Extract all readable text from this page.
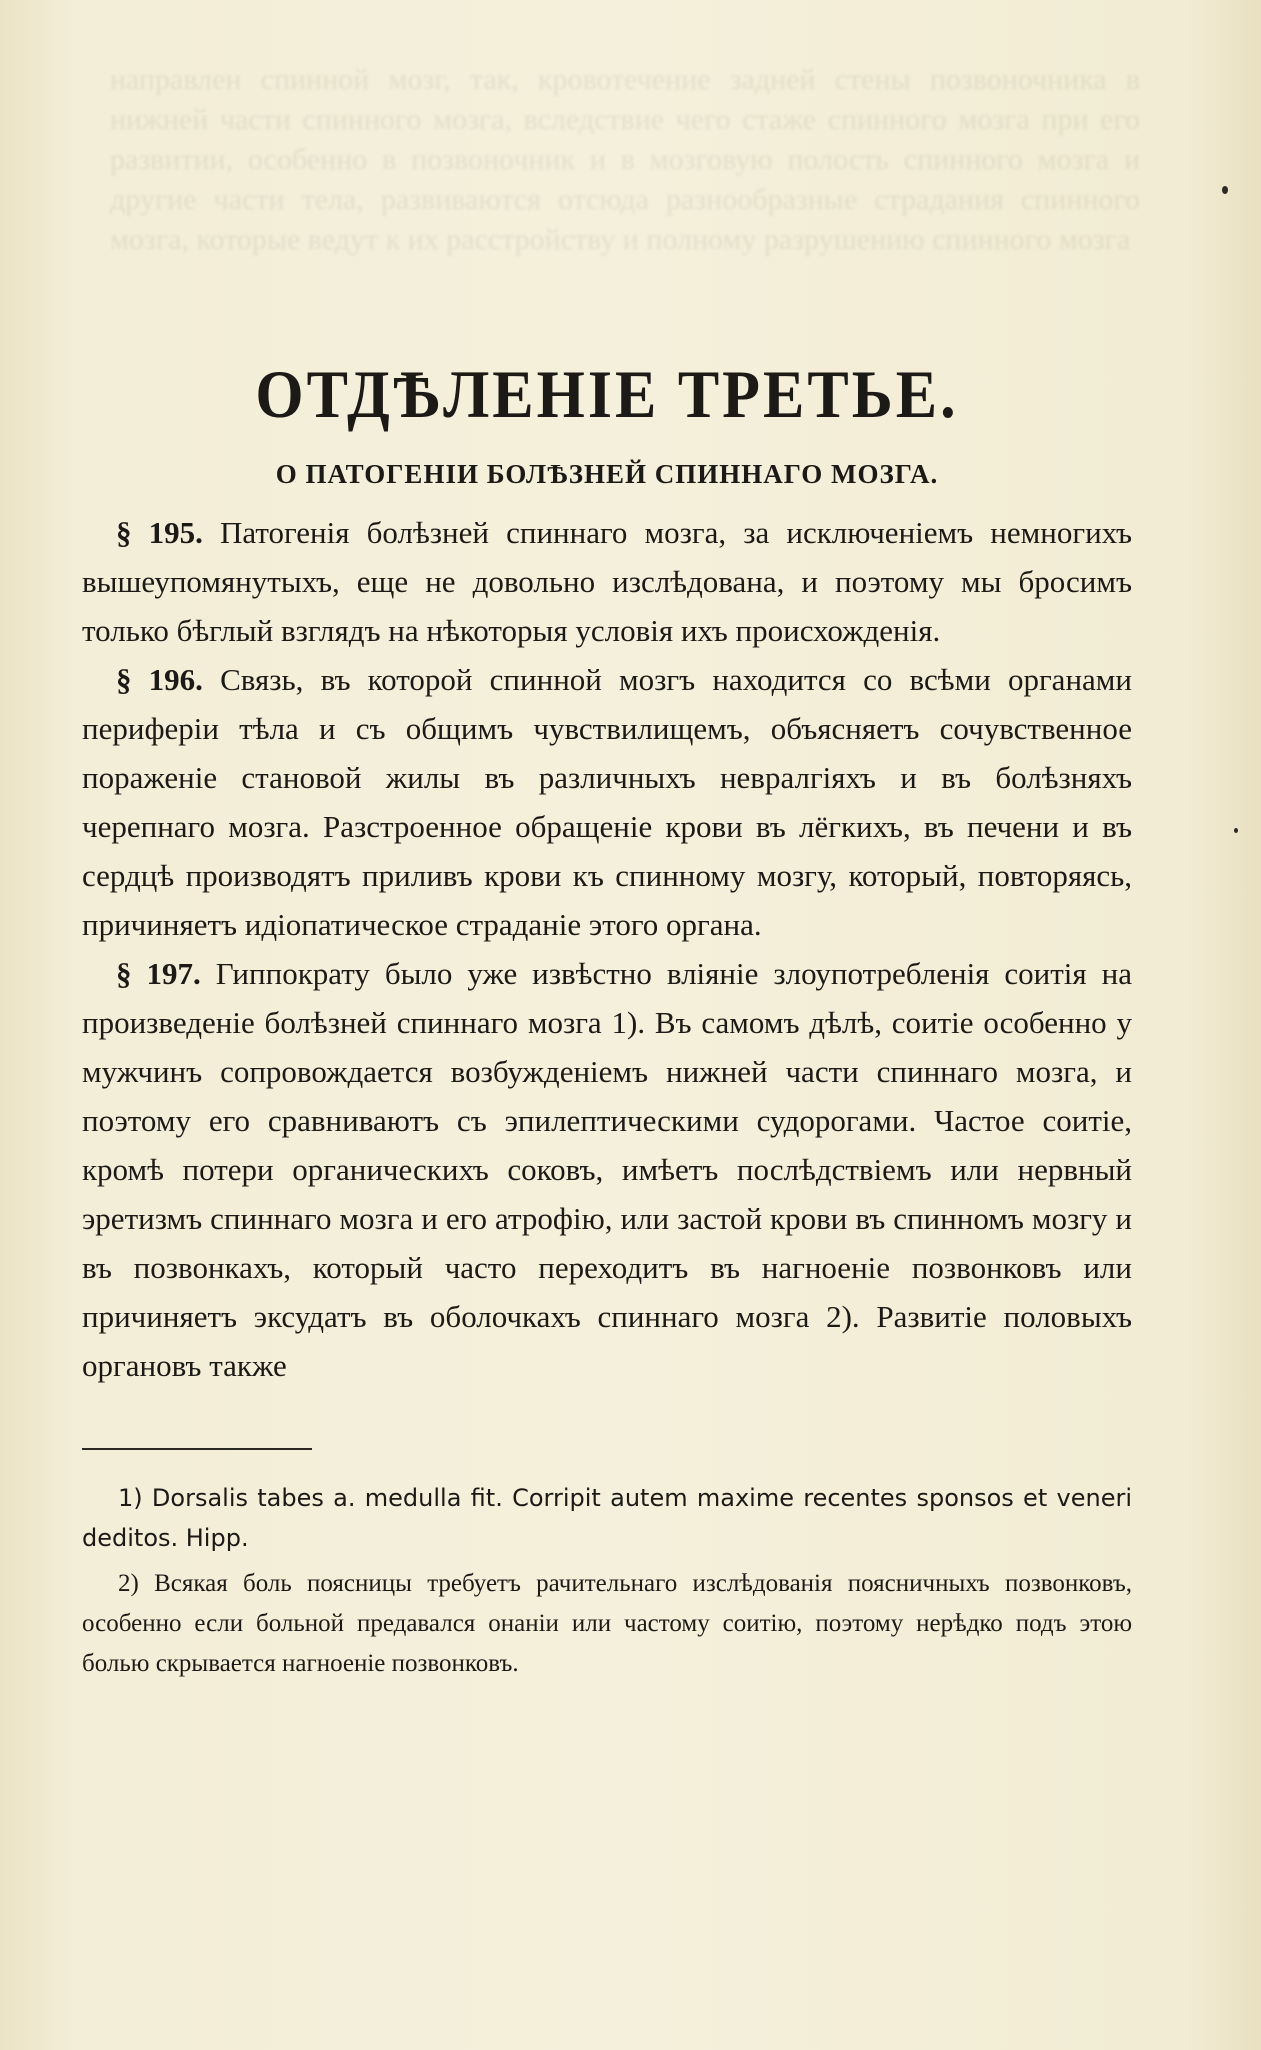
направлен спинной мозг, так, кровотечение задней стены позвоночника в нижней части спинного мозга, вследствие чего стаже спинного мозга при его развитии, особенно в позвоночник и в мозговую полость спинного мозга и другие части тела, развиваются отсюда разнообразные страдания спинного мозга, которые ведут к их расстройству и полному разрушению спинного мозга
ОТДѢЛЕНІЕ ТРЕТЬЕ.
О ПАТОГЕНІИ БОЛѢЗНЕЙ СПИННАГО МОЗГА.

§ 195. Патогенія болѣзней спиннаго мозга, за исключеніемъ немногихъ вышеупомянутыхъ, еще не довольно изслѣдована, и поэтому мы бросимъ только бѣглый взглядъ на нѣкоторыя условія ихъ происхожденія.

§ 196. Связь, въ которой спинной мозгъ находится со всѣми органами периферіи тѣла и съ общимъ чувствилищемъ, объясняетъ сочувственное пораженіе становой жилы въ различныхъ невралгіяхъ и въ болѣзняхъ черепнаго мозга. Разстроенное обращеніе крови въ лёгкихъ, въ печени и въ сердцѣ производятъ приливъ крови къ спинному мозгу, который, повторяясь, причиняетъ идіопатическое страданіе этого органа.

§ 197. Гиппократу было уже извѣстно вліяніе злоупотребленія соитія на произведеніе болѣзней спиннаго мозга 1). Въ самомъ дѣлѣ, соитіе особенно у мужчинъ сопровождается возбужденіемъ нижней части спиннаго мозга, и поэтому его сравниваютъ съ эпилептическими судорогами. Частое соитіе, кромѣ потери органическихъ соковъ, имѣетъ послѣдствіемъ или нервный эретизмъ спиннаго мозга и его атрофію, или застой крови въ спинномъ мозгу и въ позвонкахъ, который часто переходитъ въ нагноеніе позвонковъ или причиняетъ эксудатъ въ оболочкахъ спиннаго мозга 2). Развитіе половыхъ органовъ также

1) Dorsalis tabes a. medulla fit. Corripit autem maxime recentes sponsos et veneri deditos. Hipp.

2) Всякая боль поясницы требуетъ рачительнаго изслѣдованія поясничныхъ позвонковъ, особенно если больной предавался онаніи или частому соитію, поэтому нерѣдко подъ этою болью скрывается нагноеніе позвонковъ.
